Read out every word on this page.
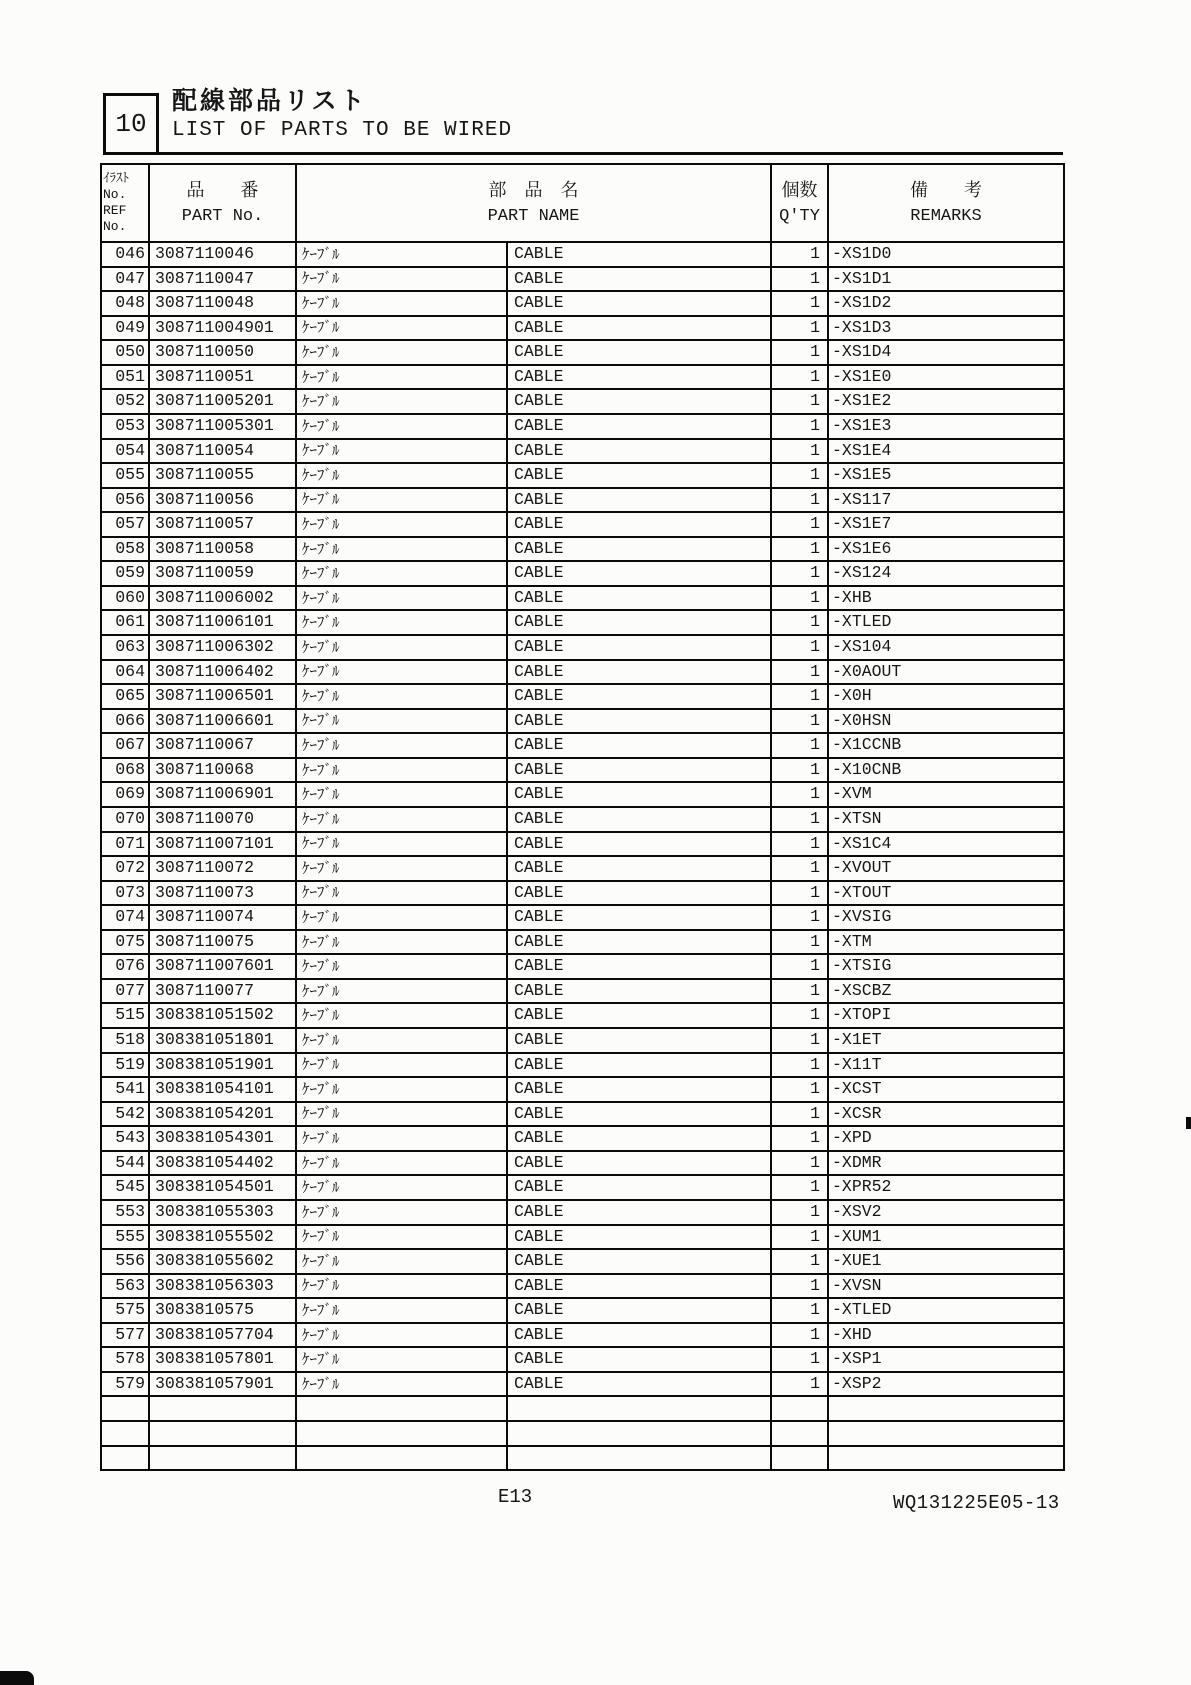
10
配線部品リスト
LIST OF PARTS TO BE WIRED
ｲﾗｽﾄ
No.
REF
No.

品　　番
PART No.

部　品　名
PART NAME

個数
Q'TY

備　　考
REMARKS

046	3087110046	ｹｰﾌﾞﾙ	CABLE	1	-XS1D0
047	3087110047	ｹｰﾌﾞﾙ	CABLE	1	-XS1D1
048	3087110048	ｹｰﾌﾞﾙ	CABLE	1	-XS1D2
049	308711004901	ｹｰﾌﾞﾙ	CABLE	1	-XS1D3
050	3087110050	ｹｰﾌﾞﾙ	CABLE	1	-XS1D4
051	3087110051	ｹｰﾌﾞﾙ	CABLE	1	-XS1E0
052	308711005201	ｹｰﾌﾞﾙ	CABLE	1	-XS1E2
053	308711005301	ｹｰﾌﾞﾙ	CABLE	1	-XS1E3
054	3087110054	ｹｰﾌﾞﾙ	CABLE	1	-XS1E4
055	3087110055	ｹｰﾌﾞﾙ	CABLE	1	-XS1E5
056	3087110056	ｹｰﾌﾞﾙ	CABLE	1	-XS117
057	3087110057	ｹｰﾌﾞﾙ	CABLE	1	-XS1E7
058	3087110058	ｹｰﾌﾞﾙ	CABLE	1	-XS1E6
059	3087110059	ｹｰﾌﾞﾙ	CABLE	1	-XS124
060	308711006002	ｹｰﾌﾞﾙ	CABLE	1	-XHB
061	308711006101	ｹｰﾌﾞﾙ	CABLE	1	-XTLED
063	308711006302	ｹｰﾌﾞﾙ	CABLE	1	-XS104
064	308711006402	ｹｰﾌﾞﾙ	CABLE	1	-X0AOUT
065	308711006501	ｹｰﾌﾞﾙ	CABLE	1	-X0H
066	308711006601	ｹｰﾌﾞﾙ	CABLE	1	-X0HSN
067	3087110067	ｹｰﾌﾞﾙ	CABLE	1	-X1CCNB
068	3087110068	ｹｰﾌﾞﾙ	CABLE	1	-X10CNB
069	308711006901	ｹｰﾌﾞﾙ	CABLE	1	-XVM
070	3087110070	ｹｰﾌﾞﾙ	CABLE	1	-XTSN
071	308711007101	ｹｰﾌﾞﾙ	CABLE	1	-XS1C4
072	3087110072	ｹｰﾌﾞﾙ	CABLE	1	-XVOUT
073	3087110073	ｹｰﾌﾞﾙ	CABLE	1	-XTOUT
074	3087110074	ｹｰﾌﾞﾙ	CABLE	1	-XVSIG
075	3087110075	ｹｰﾌﾞﾙ	CABLE	1	-XTM
076	308711007601	ｹｰﾌﾞﾙ	CABLE	1	-XTSIG
077	3087110077	ｹｰﾌﾞﾙ	CABLE	1	-XSCBZ
515	308381051502	ｹｰﾌﾞﾙ	CABLE	1	-XTOPI
518	308381051801	ｹｰﾌﾞﾙ	CABLE	1	-X1ET
519	308381051901	ｹｰﾌﾞﾙ	CABLE	1	-X11T
541	308381054101	ｹｰﾌﾞﾙ	CABLE	1	-XCST
542	308381054201	ｹｰﾌﾞﾙ	CABLE	1	-XCSR
543	308381054301	ｹｰﾌﾞﾙ	CABLE	1	-XPD
544	308381054402	ｹｰﾌﾞﾙ	CABLE	1	-XDMR
545	308381054501	ｹｰﾌﾞﾙ	CABLE	1	-XPR52
553	308381055303	ｹｰﾌﾞﾙ	CABLE	1	-XSV2
555	308381055502	ｹｰﾌﾞﾙ	CABLE	1	-XUM1
556	308381055602	ｹｰﾌﾞﾙ	CABLE	1	-XUE1
563	308381056303	ｹｰﾌﾞﾙ	CABLE	1	-XVSN
575	3083810575	ｹｰﾌﾞﾙ	CABLE	1	-XTLED
577	308381057704	ｹｰﾌﾞﾙ	CABLE	1	-XHD
578	308381057801	ｹｰﾌﾞﾙ	CABLE	1	-XSP1
579	308381057901	ｹｰﾌﾞﾙ	CABLE	1	-XSP2

E13	WQ131225E05-13
